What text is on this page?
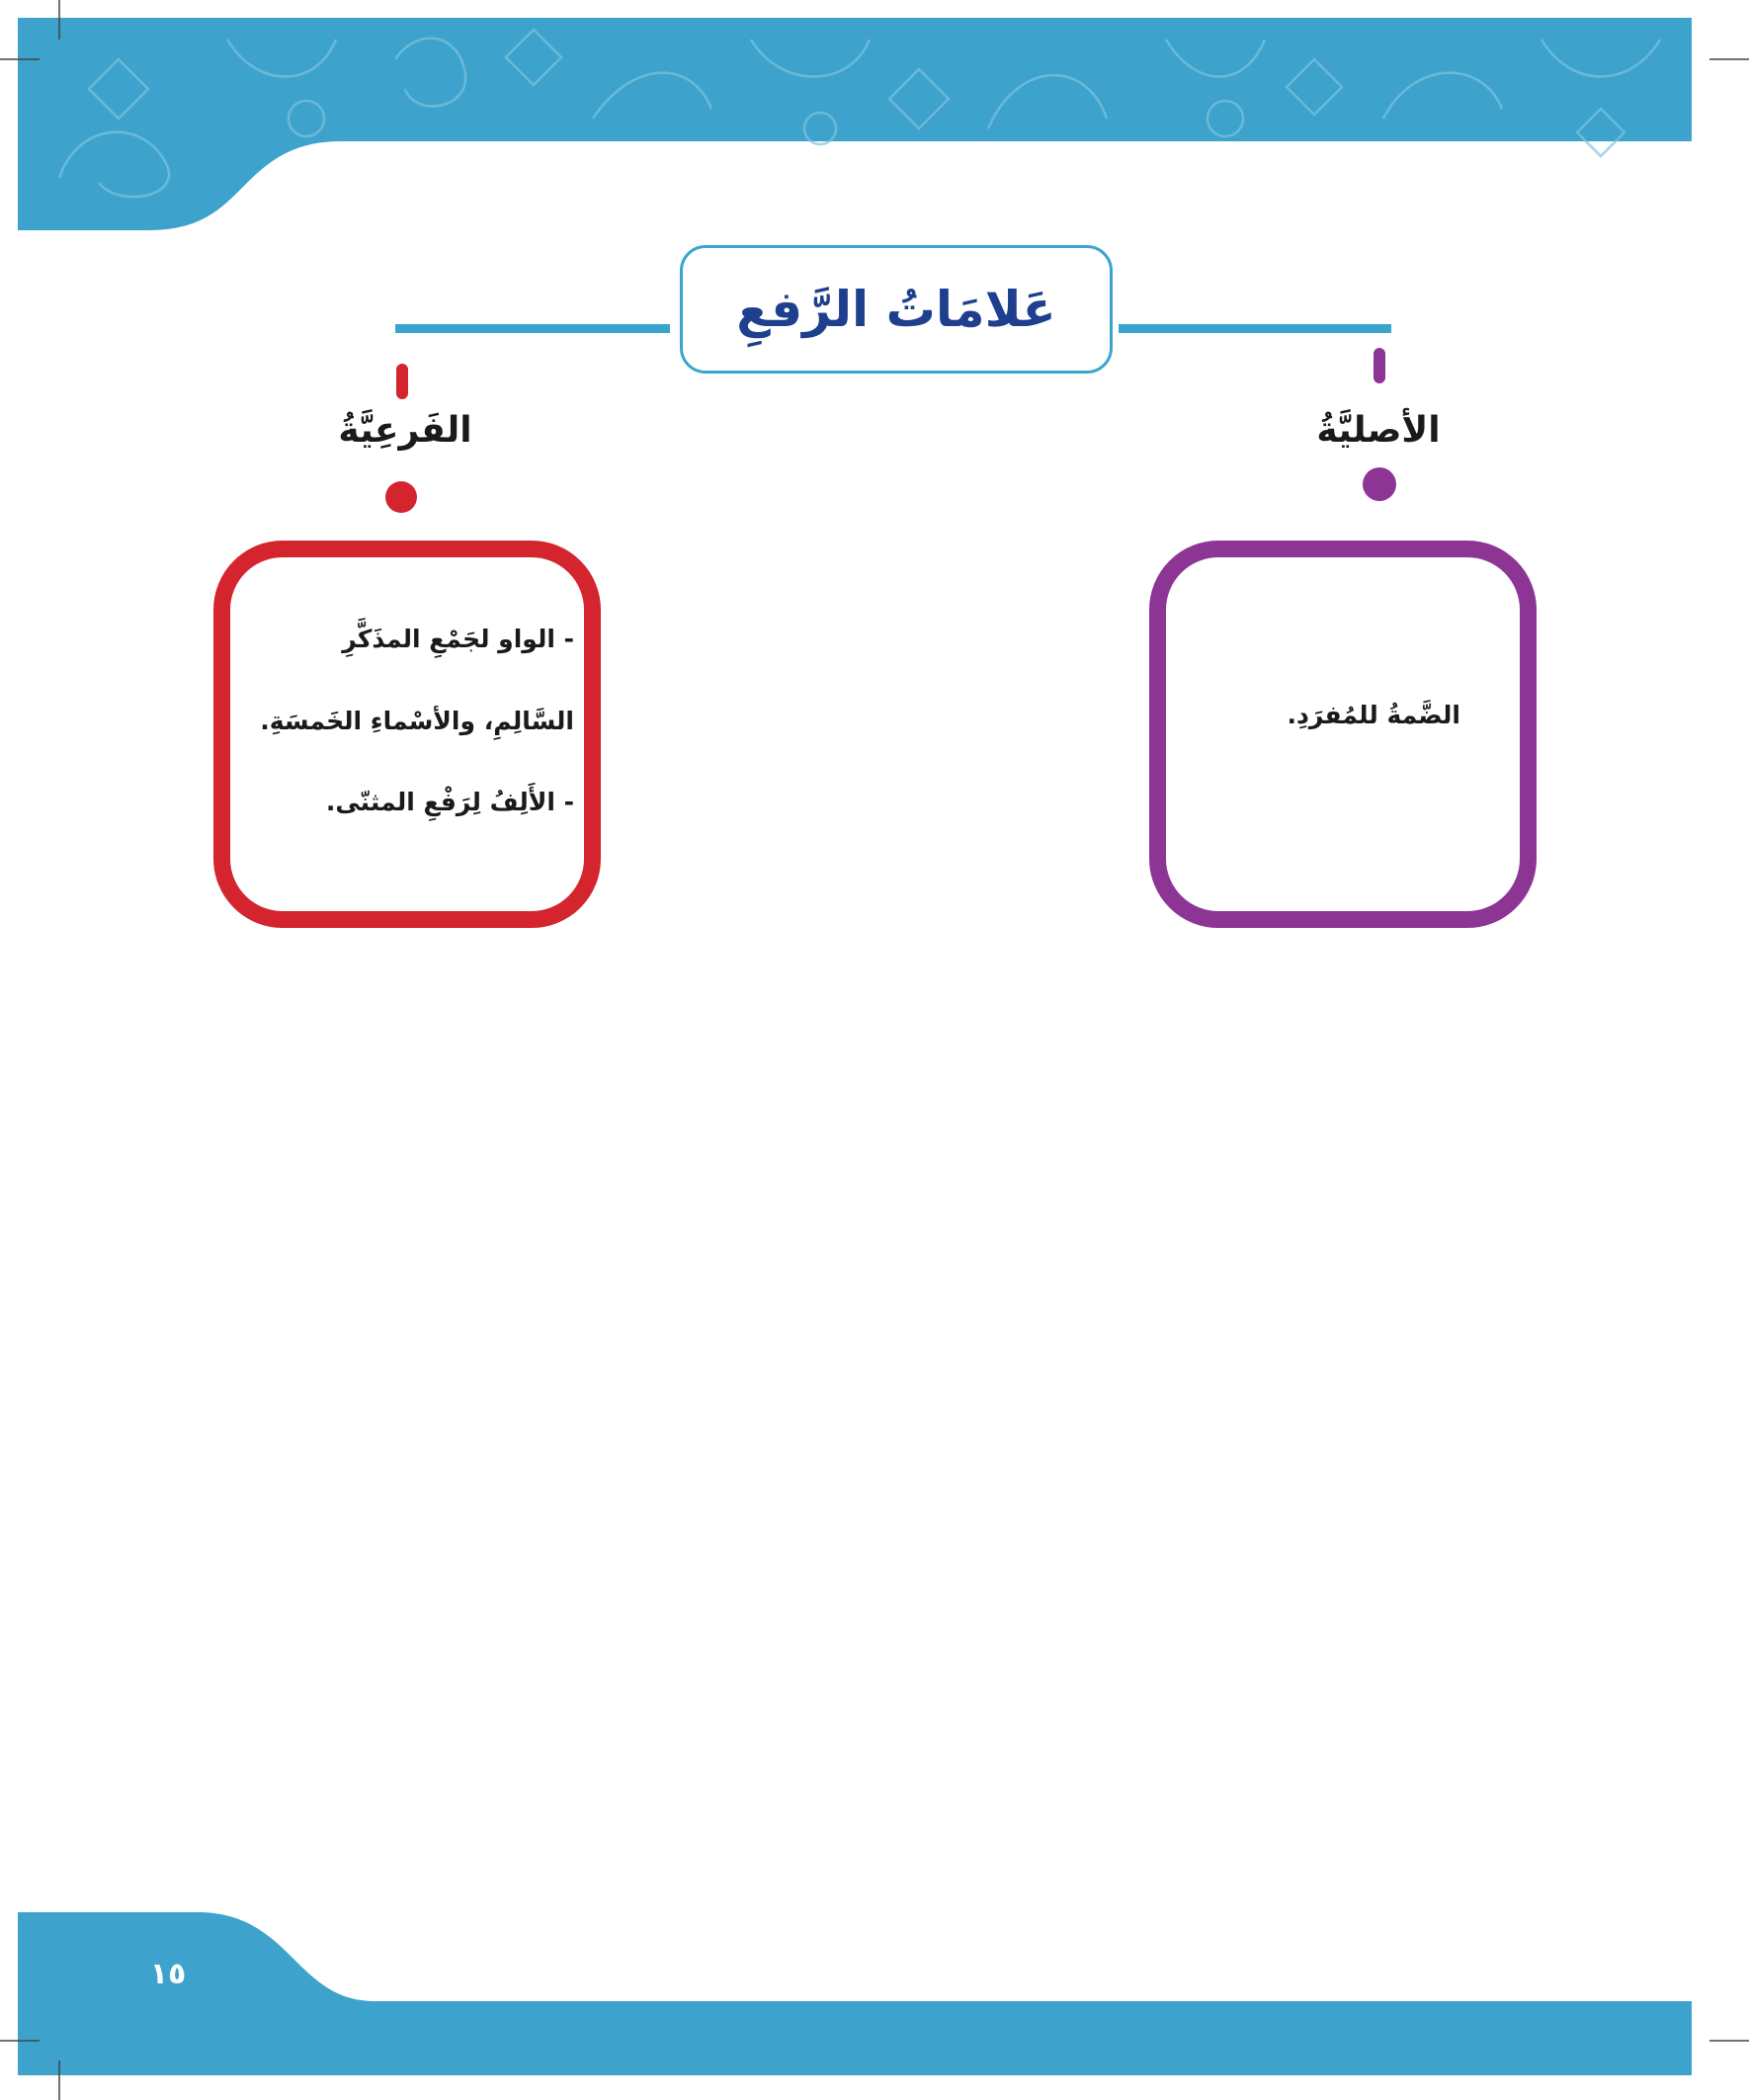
عَلامَاتُ الرَّفعِ
الفَرعِيَّةُ	الأصليَّةُ
- الواو لجَمْعِ المذَكَّرِ
السَّالِمِ، والأسْماءِ الخَمسَةِ.
- الأَلِفُ لِرَفْعِ المثنّى.
الضَّمةُ للمُفرَدِ.
١٥
